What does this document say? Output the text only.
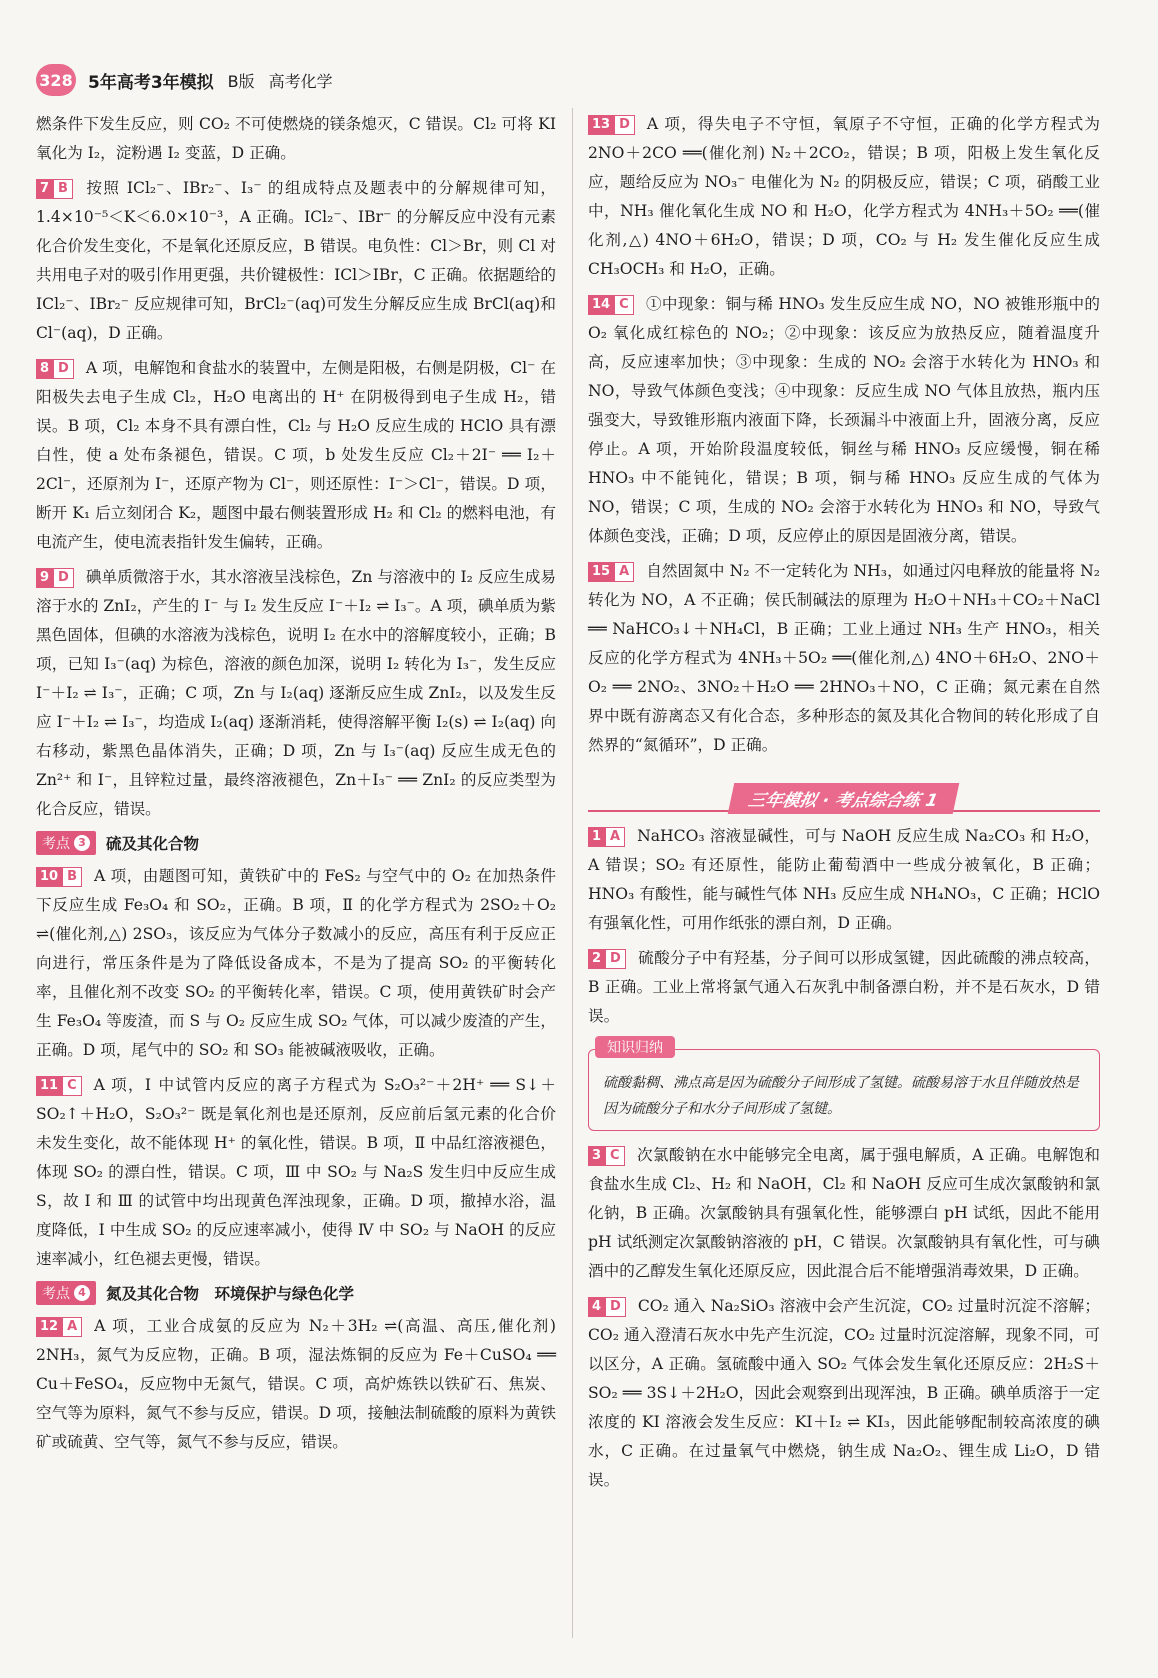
328 5年高考3年模拟 B版 高考化学

燃条件下发生反应，则 CO₂ 不可使燃烧的镁条熄灭，C 错误。Cl₂ 可将 KI 氧化为 I₂，淀粉遇 I₂ 变蓝，D 正确。

7 B	按照 ICl₂⁻、IBr₂⁻、I₃⁻ 的组成特点及题表中的分解规律可知，1.4×10⁻⁵＜K＜6.0×10⁻³，A 正确。ICl₂⁻、IBr⁻ 的分解反应中没有元素化合价发生变化，不是氧化还原反应，B 错误。电负性：Cl＞Br，则 Cl 对共用电子对的吸引作用更强，共价键极性：ICl＞IBr，C 正确。依据题给的 ICl₂⁻、IBr₂⁻ 反应规律可知，BrCl₂⁻(aq)可发生分解反应生成 BrCl(aq)和Cl⁻(aq)，D 正确。

8 D	A 项，电解饱和食盐水的装置中，左侧是阳极，右侧是阴极，Cl⁻ 在阳极失去电子生成 Cl₂，H₂O 电离出的 H⁺ 在阴极得到电子生成 H₂，错误。B 项，Cl₂ 本身不具有漂白性，Cl₂ 与 H₂O 反应生成的 HClO 具有漂白性，使 a 处布条褪色，错误。C 项，b 处发生反应 Cl₂＋2I⁻ ══ I₂＋2Cl⁻，还原剂为 I⁻，还原产物为 Cl⁻，则还原性：I⁻＞Cl⁻，错误。D 项，断开 K₁ 后立刻闭合 K₂，题图中最右侧装置形成 H₂ 和 Cl₂ 的燃料电池，有电流产生，使电流表指针发生偏转，正确。

9 D	碘单质微溶于水，其水溶液呈浅棕色，Zn 与溶液中的 I₂ 反应生成易溶于水的 ZnI₂，产生的 I⁻ 与 I₂ 发生反应 I⁻＋I₂ ⇌ I₃⁻。A 项，碘单质为紫黑色固体，但碘的水溶液为浅棕色，说明 I₂ 在水中的溶解度较小，正确；B 项，已知 I₃⁻(aq) 为棕色，溶液的颜色加深，说明 I₂ 转化为 I₃⁻，发生反应 I⁻＋I₂ ⇌ I₃⁻，正确；C 项，Zn 与 I₂(aq) 逐渐反应生成 ZnI₂，以及发生反应 I⁻＋I₂ ⇌ I₃⁻，均造成 I₂(aq) 逐渐消耗，使得溶解平衡 I₂(s) ⇌ I₂(aq) 向右移动，紫黑色晶体消失，正确；D 项，Zn 与 I₃⁻(aq) 反应生成无色的 Zn²⁺ 和 I⁻，且锌粒过量，最终溶液褪色，Zn＋I₃⁻ ══ ZnI₂ 的反应类型为化合反应，错误。

考点 3 硫及其化合物

10 B	A 项，由题图可知，黄铁矿中的 FeS₂ 与空气中的 O₂ 在加热条件下反应生成 Fe₃O₄ 和 SO₂，正确。B 项，Ⅱ 的化学方程式为 2SO₂＋O₂ ⇌(催化剂,△) 2SO₃，该反应为气体分子数减小的反应，高压有利于反应正向进行，常压条件是为了降低设备成本，不是为了提高 SO₂ 的平衡转化率，且催化剂不改变 SO₂ 的平衡转化率，错误。C 项，使用黄铁矿时会产生 Fe₃O₄ 等废渣，而 S 与 O₂ 反应生成 SO₂ 气体，可以减少废渣的产生，正确。D 项，尾气中的 SO₂ 和 SO₃ 能被碱液吸收，正确。

11 C	A 项，Ⅰ 中试管内反应的离子方程式为 S₂O₃²⁻＋2H⁺ ══ S↓＋SO₂↑＋H₂O，S₂O₃²⁻ 既是氧化剂也是还原剂，反应前后氢元素的化合价未发生变化，故不能体现 H⁺ 的氧化性，错误。B 项，Ⅱ 中品红溶液褪色，体现 SO₂ 的漂白性，错误。C 项，Ⅲ 中 SO₂ 与 Na₂S 发生归中反应生成 S，故 Ⅰ 和 Ⅲ 的试管中均出现黄色浑浊现象，正确。D 项，撤掉水浴，温度降低，Ⅰ 中生成 SO₂ 的反应速率减小，使得 Ⅳ 中 SO₂ 与 NaOH 的反应速率减小，红色褪去更慢，错误。

考点 4 氮及其化合物　环境保护与绿色化学

12 A	A 项，工业合成氨的反应为 N₂＋3H₂ ⇌(高温、高压,催化剂) 2NH₃，氮气为反应物，正确。B 项，湿法炼铜的反应为 Fe＋CuSO₄ ══ Cu＋FeSO₄，反应物中无氮气，错误。C 项，高炉炼铁以铁矿石、焦炭、空气等为原料，氮气不参与反应，错误。D 项，接触法制硫酸的原料为黄铁矿或硫黄、空气等，氮气不参与反应，错误。

13 D	A 项，得失电子不守恒，氧原子不守恒，正确的化学方程式为 2NO＋2CO ══(催化剂) N₂＋2CO₂，错误；B 项，阳极上发生氧化反应，题给反应为 NO₃⁻ 电催化为 N₂ 的阴极反应，错误；C 项，硝酸工业中，NH₃ 催化氧化生成 NO 和 H₂O，化学方程式为 4NH₃＋5O₂ ══(催化剂,△) 4NO＋6H₂O，错误；D 项，CO₂ 与 H₂ 发生催化反应生成 CH₃OCH₃ 和 H₂O，正确。

14 C	①中现象：铜与稀 HNO₃ 发生反应生成 NO，NO 被锥形瓶中的 O₂ 氧化成红棕色的 NO₂；②中现象：该反应为放热反应，随着温度升高，反应速率加快；③中现象：生成的 NO₂ 会溶于水转化为 HNO₃ 和 NO，导致气体颜色变浅；④中现象：反应生成 NO 气体且放热，瓶内压强变大，导致锥形瓶内液面下降，长颈漏斗中液面上升，固液分离，反应停止。A 项，开始阶段温度较低，铜丝与稀 HNO₃ 反应缓慢，铜在稀 HNO₃ 中不能钝化，错误；B 项，铜与稀 HNO₃ 反应生成的气体为 NO，错误；C 项，生成的 NO₂ 会溶于水转化为 HNO₃ 和 NO，导致气体颜色变浅，正确；D 项，反应停止的原因是固液分离，错误。

15 A	自然固氮中 N₂ 不一定转化为 NH₃，如通过闪电释放的能量将 N₂ 转化为 NO，A 不正确；侯氏制碱法的原理为 H₂O＋NH₃＋CO₂＋NaCl ══ NaHCO₃↓＋NH₄Cl，B 正确；工业上通过 NH₃ 生产 HNO₃，相关反应的化学方程式为 4NH₃＋5O₂ ══(催化剂,△) 4NO＋6H₂O、2NO＋O₂ ══ 2NO₂、3NO₂＋H₂O ══ 2HNO₃＋NO，C 正确；氮元素在自然界中既有游离态又有化合态，多种形态的氮及其化合物间的转化形成了自然界的“氮循环”，D 正确。

三年模拟 · 考点综合练 1

1 A	NaHCO₃ 溶液显碱性，可与 NaOH 反应生成 Na₂CO₃ 和 H₂O，A 错误；SO₂ 有还原性，能防止葡萄酒中一些成分被氧化，B 正确；HNO₃ 有酸性，能与碱性气体 NH₃ 反应生成 NH₄NO₃，C 正确；HClO 有强氧化性，可用作纸张的漂白剂，D 正确。

2 D	硫酸分子中有羟基，分子间可以形成氢键，因此硫酸的沸点较高，B 正确。工业上常将氯气通入石灰乳中制备漂白粉，并不是石灰水，D 错误。

知识归纳

硫酸黏稠、沸点高是因为硫酸分子间形成了氢键。硫酸易溶于水且伴随放热是因为硫酸分子和水分子间形成了氢键。

3 C	次氯酸钠在水中能够完全电离，属于强电解质，A 正确。电解饱和食盐水生成 Cl₂、H₂ 和 NaOH，Cl₂ 和 NaOH 反应可生成次氯酸钠和氯化钠，B 正确。次氯酸钠具有强氧化性，能够漂白 pH 试纸，因此不能用 pH 试纸测定次氯酸钠溶液的 pH，C 错误。次氯酸钠具有氧化性，可与碘酒中的乙醇发生氧化还原反应，因此混合后不能增强消毒效果，D 正确。

4 D	CO₂ 通入 Na₂SiO₃ 溶液中会产生沉淀，CO₂ 过量时沉淀不溶解；CO₂ 通入澄清石灰水中先产生沉淀，CO₂ 过量时沉淀溶解，现象不同，可以区分，A 正确。氢硫酸中通入 SO₂ 气体会发生氧化还原反应：2H₂S＋SO₂ ══ 3S↓＋2H₂O，因此会观察到出现浑浊，B 正确。碘单质溶于一定浓度的 KI 溶液会发生反应：KI＋I₂ ⇌ KI₃，因此能够配制较高浓度的碘水，C 正确。在过量氧气中燃烧，钠生成 Na₂O₂、锂生成 Li₂O，D 错误。
